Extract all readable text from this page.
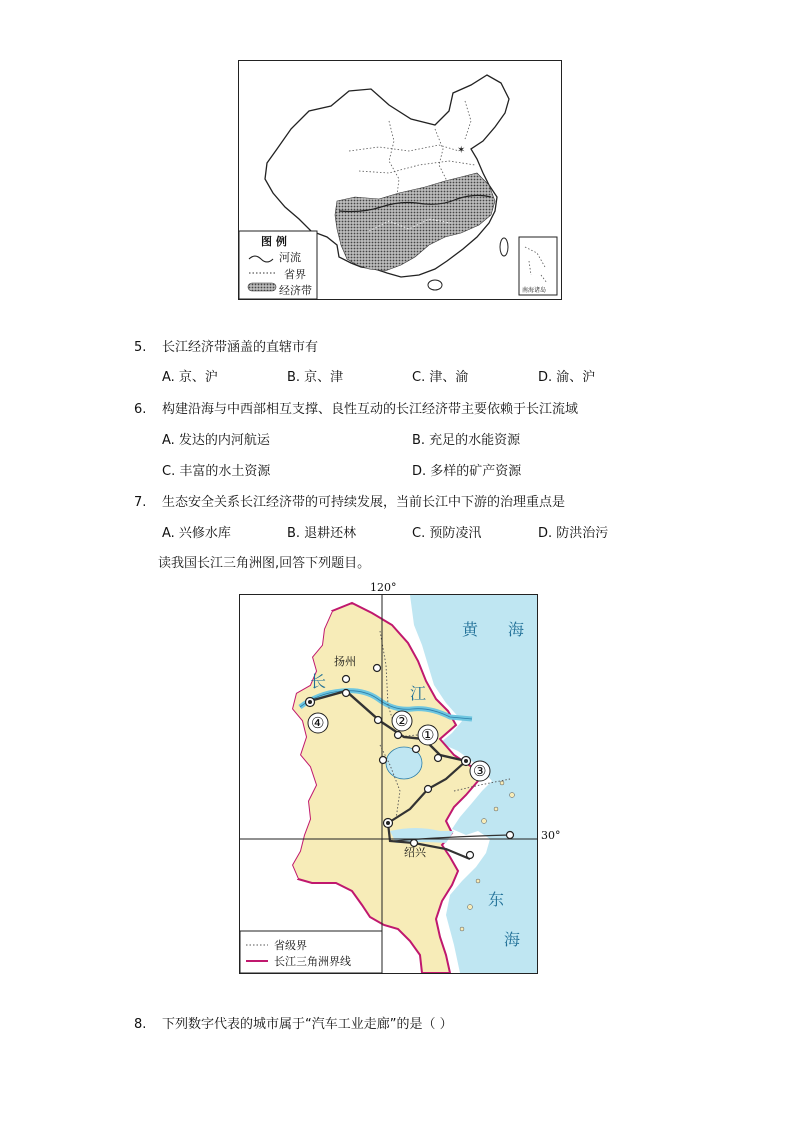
✶
图 例
河流
省界
经济带	南海诸岛
5. 长江经济带涵盖的直辖市有
A. 京、沪	B. 京、津	C. 津、渝	D. 渝、沪
6. 构建沿海与中西部相互支撑、良性互动的长江经济带主要依赖于长江流域
A. 发达的内河航运	B. 充足的水能资源
C. 丰富的水土资源	D. 多样的矿产资源
7. 生态安全关系长江经济带的可持续发展，当前长江中下游的治理重点是
A. 兴修水库	B. 退耕还林	C. 预防凌汛	D. 防洪治污
读我国长江三角洲图,回答下列题目。
120°
30°
黄 海
东
海
长
江
扬州
绍兴
④	②
①
③
省级界
长江三角洲界线
8. 下列数字代表的城市属于“汽车工业走廊”的是（ ）
